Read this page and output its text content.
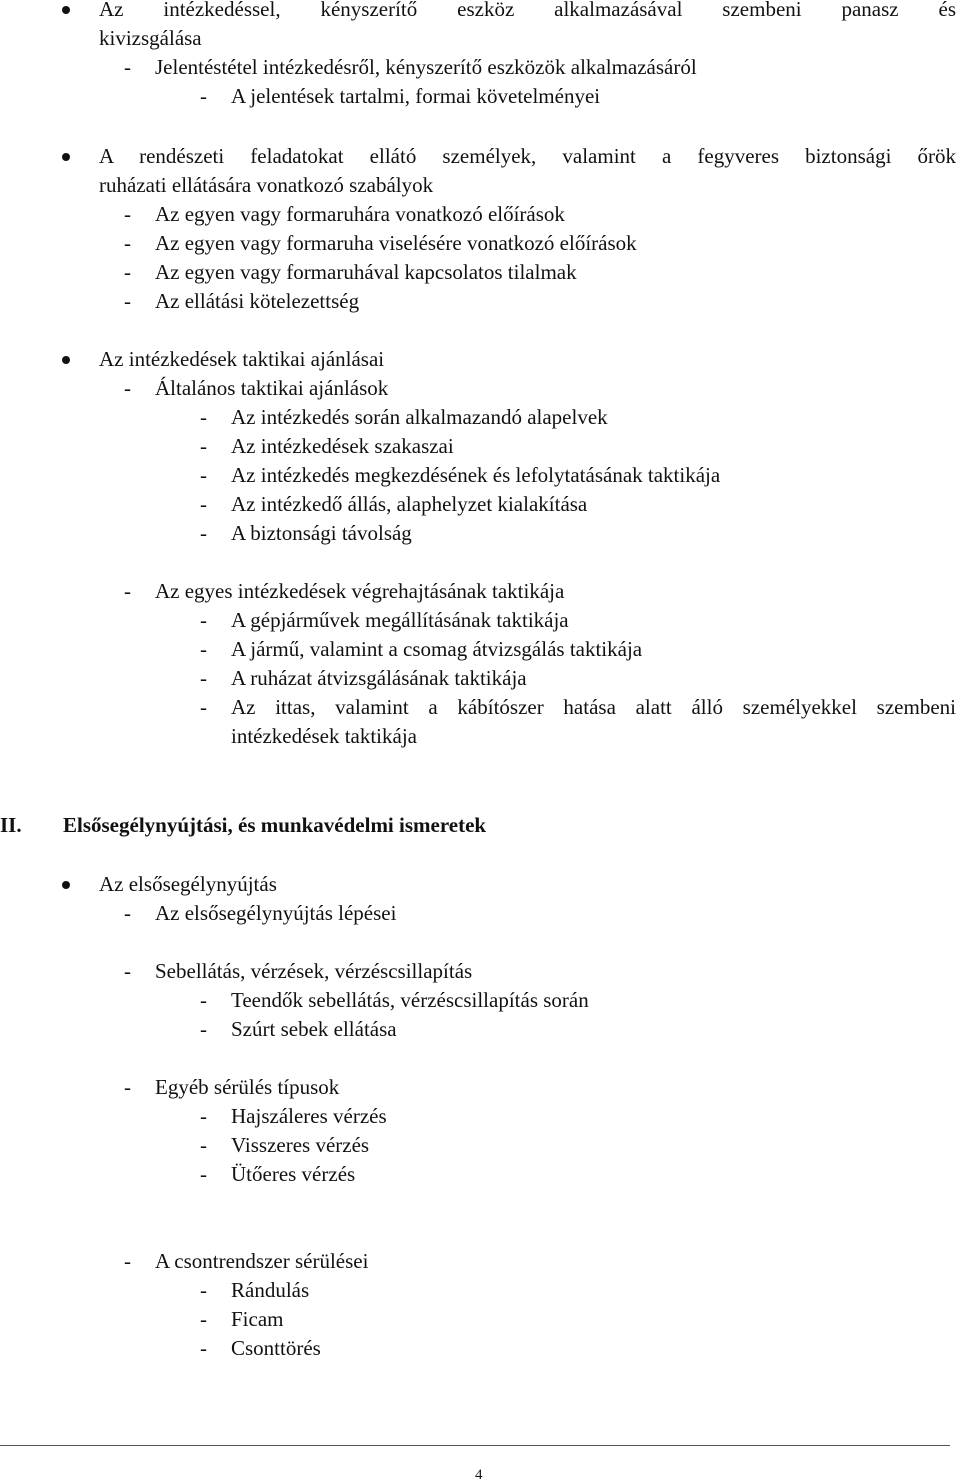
Az intézkedéssel, kényszerítő eszköz alkalmazásával szembeni panasz és
kivizsgálása
- Jelentéstétel intézkedésről, kényszerítő eszközök alkalmazásáról
- A jelentések tartalmi, formai követelményei
A rendészeti feladatokat ellátó személyek, valamint a fegyveres biztonsági őrök
ruházati ellátására vonatkozó szabályok
- Az egyen vagy formaruhára vonatkozó előírások
- Az egyen vagy formaruha viselésére vonatkozó előírások
- Az egyen vagy formaruhával kapcsolatos tilalmak
- Az ellátási kötelezettség
Az intézkedések taktikai ajánlásai
- Általános taktikai ajánlások
- Az intézkedés során alkalmazandó alapelvek
- Az intézkedések szakaszai
- Az intézkedés megkezdésének és lefolytatásának taktikája
- Az intézkedő állás, alaphelyzet kialakítása
- A biztonsági távolság
- Az egyes intézkedések végrehajtásának taktikája
- A gépjárművek megállításának taktikája
- A jármű, valamint a csomag átvizsgálás taktikája
- A ruházat átvizsgálásának taktikája
- Az ittas, valamint a kábítószer hatása alatt álló személyekkel szembeni
intézkedések taktikája
II. Elsősegélynyújtási, és munkavédelmi ismeretek
Az elsősegélynyújtás
- Az elsősegélynyújtás lépései
- Sebellátás, vérzések, vérzéscsillapítás
- Teendők sebellátás, vérzéscsillapítás során
- Szúrt sebek ellátása
- Egyéb sérülés típusok
- Hajszáleres vérzés
- Visszeres vérzés
- Ütőeres vérzés
- A csontrendszer sérülései
- Rándulás
- Ficam
- Csonttörés
4
